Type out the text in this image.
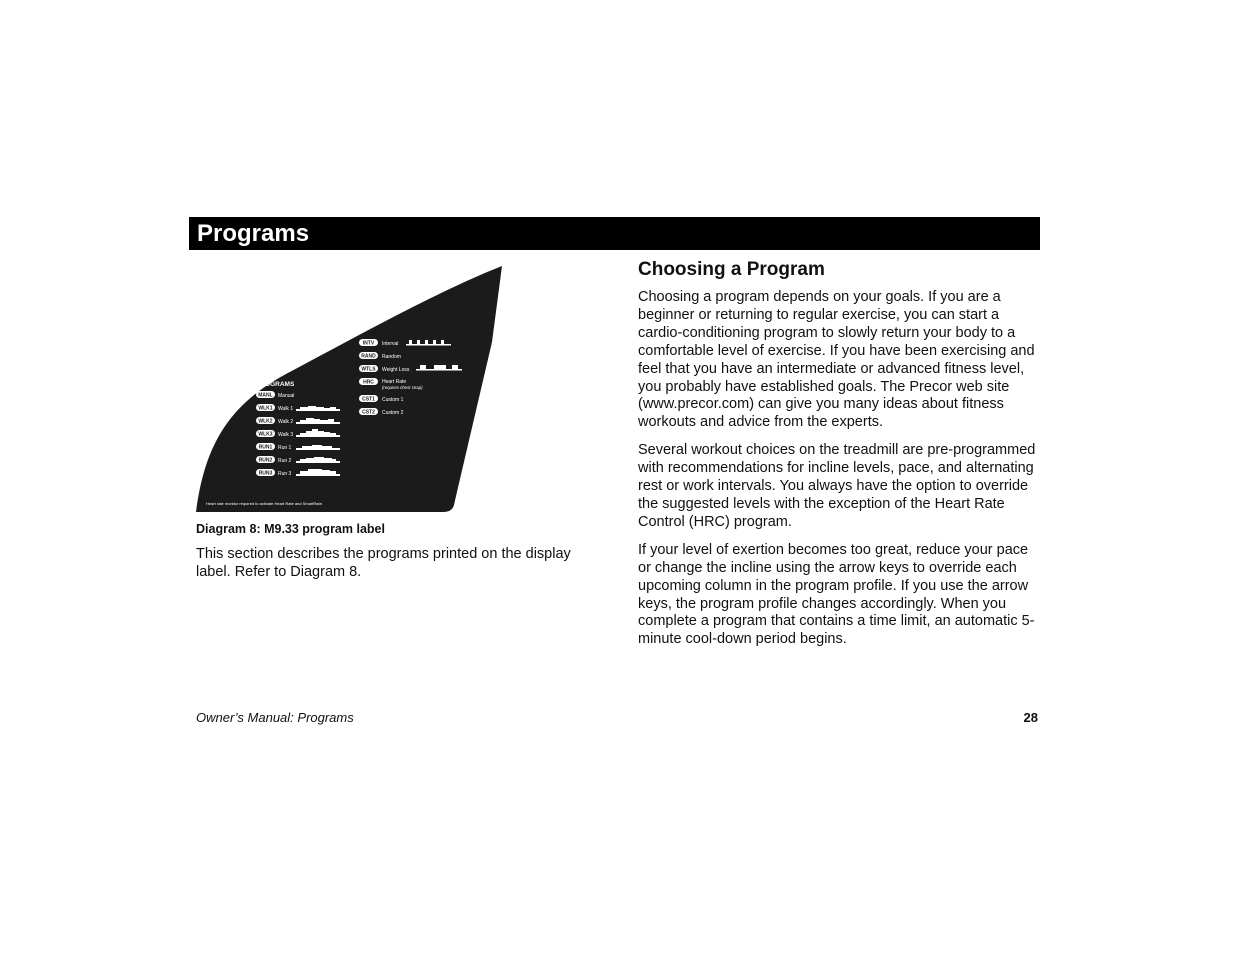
Programs
PROGRAMS
MANL Manual
WLK1 Walk 1
WLK2 Walk 2
WLK3 Walk 3
RUN1 Run 1
RUN2 Run 2
RUN3 Run 3
INTV Interval
RAND Random
WTLS Weight Loss
HRC Heart Rate
(requires chest strap)
CST1 Custom 1
CST2 Custom 2
Heart rate monitor required to activate Heart Rate and SmartRate.
Diagram 8: M9.33 program label

This section describes the programs printed on the display label. Refer to Diagram 8.

Choosing a Program

Choosing a program depends on your goals. If you are a beginner or returning to regular exercise, you can start a cardio-conditioning program to slowly return your body to a comfortable level of exercise. If you have been exercising and feel that you have an intermediate or advanced fitness level, you probably have established goals. The Precor web site (www.precor.com) can give you many ideas about fitness workouts and advice from the experts.

Several workout choices on the treadmill are pre-programmed with recommendations for incline levels, pace, and alternating rest or work intervals. You always have the option to override the suggested levels with the exception of the Heart Rate Control (HRC) program.

If your level of exertion becomes too great, reduce your pace or change the incline using the arrow keys to override each upcoming column in the program profile. If you use the arrow keys, the program profile changes accordingly. When you complete a program that contains a time limit, an automatic 5-minute cool-down period begins.

Owner’s Manual: Programs	28
